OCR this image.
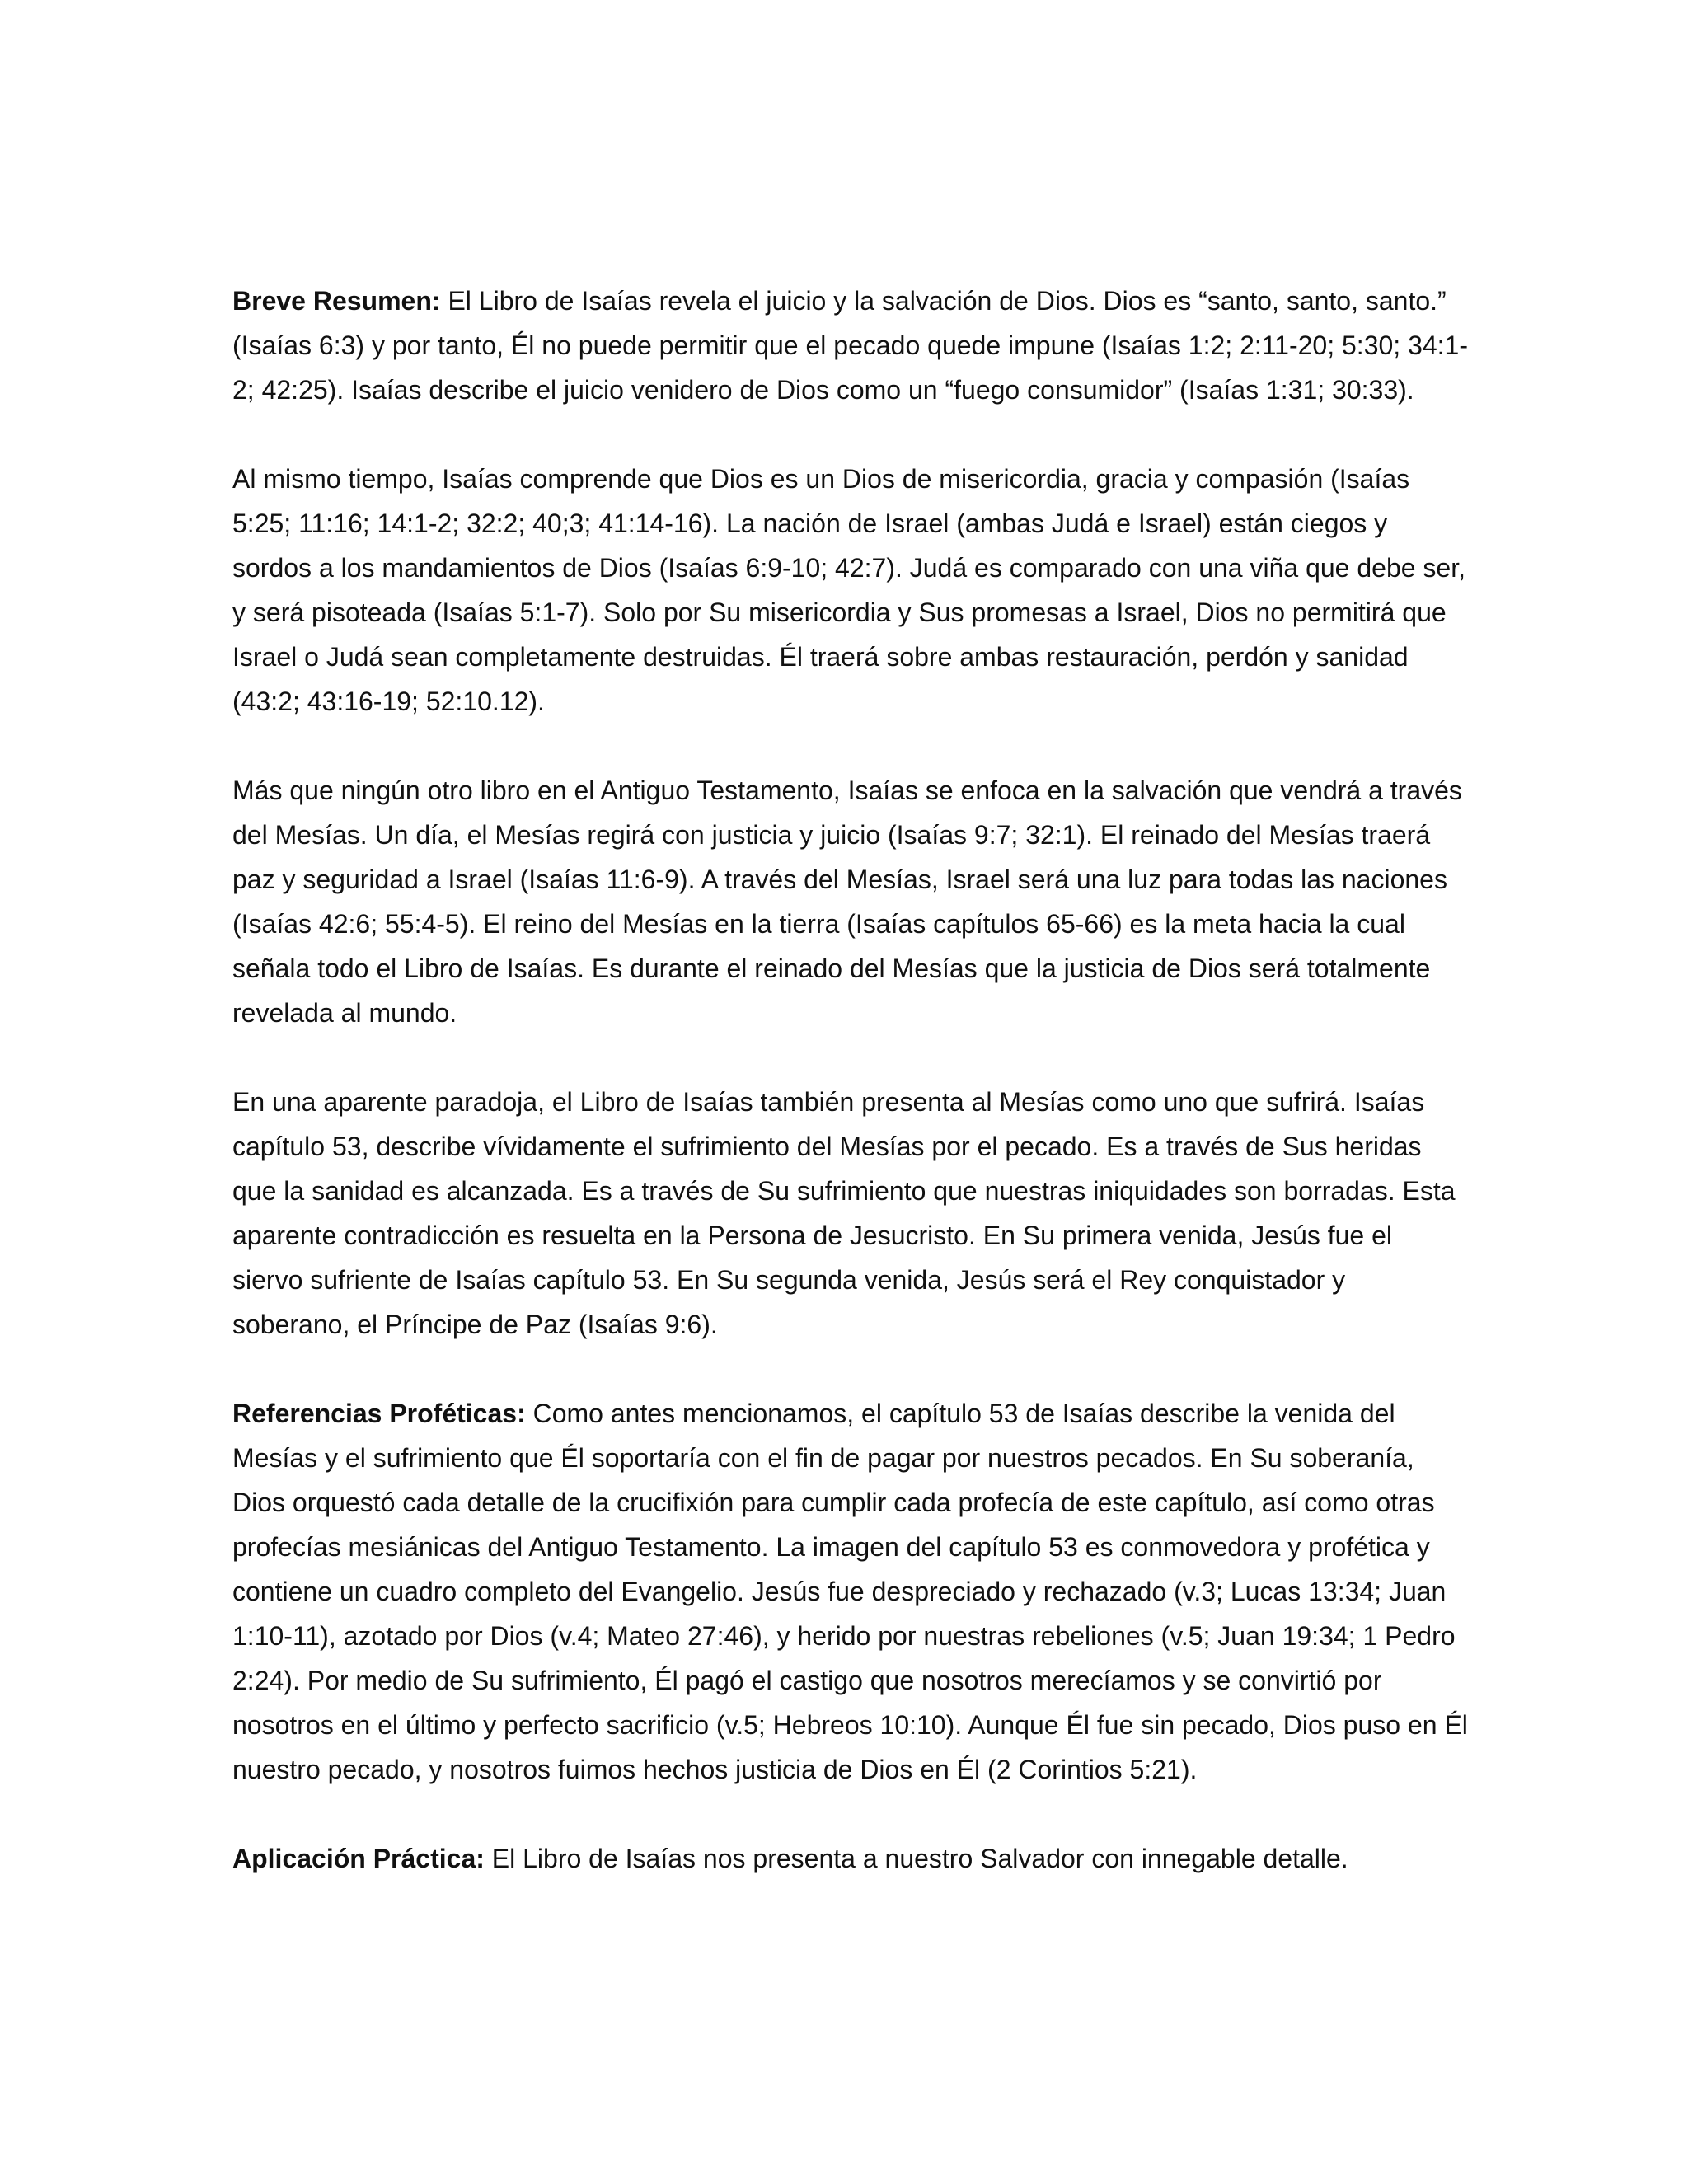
Breve Resumen: El Libro de Isaías revela el juicio y la salvación de Dios. Dios es “santo, santo, santo.” (Isaías 6:3) y por tanto, Él no puede permitir que el pecado quede impune (Isaías 1:2; 2:11-20; 5:30; 34:1-2; 42:25). Isaías describe el juicio venidero de Dios como un “fuego consumidor” (Isaías 1:31; 30:33).

Al mismo tiempo, Isaías comprende que Dios es un Dios de misericordia, gracia y compasión (Isaías 5:25; 11:16; 14:1-2; 32:2; 40;3; 41:14-16). La nación de Israel (ambas Judá e Israel) están ciegos y sordos a los mandamientos de Dios (Isaías 6:9-10; 42:7). Judá es comparado con una viña que debe ser, y será pisoteada (Isaías 5:1-7). Solo por Su misericordia y Sus promesas a Israel, Dios no permitirá que Israel o Judá sean completamente destruidas. Él traerá sobre ambas restauración, perdón y sanidad (43:2; 43:16-19; 52:10.12).

Más que ningún otro libro en el Antiguo Testamento, Isaías se enfoca en la salvación que vendrá a través del Mesías. Un día, el Mesías regirá con justicia y juicio (Isaías 9:7; 32:1). El reinado del Mesías traerá paz y seguridad a Israel (Isaías 11:6-9). A través del Mesías, Israel será una luz para todas las naciones (Isaías 42:6; 55:4-5). El reino del Mesías en la tierra (Isaías capítulos 65-66) es la meta hacia la cual señala todo el Libro de Isaías. Es durante el reinado del Mesías que la justicia de Dios será totalmente revelada al mundo.

En una aparente paradoja, el Libro de Isaías también presenta al Mesías como uno que sufrirá. Isaías capítulo 53, describe vívidamente el sufrimiento del Mesías por el pecado. Es a través de Sus heridas que la sanidad es alcanzada. Es a través de Su sufrimiento que nuestras iniquidades son borradas. Esta aparente contradicción es resuelta en la Persona de Jesucristo. En Su primera venida, Jesús fue el siervo sufriente de Isaías capítulo 53. En Su segunda venida, Jesús será el Rey conquistador y soberano, el Príncipe de Paz (Isaías 9:6).

Referencias Proféticas: Como antes mencionamos, el capítulo 53 de Isaías describe la venida del Mesías y el sufrimiento que Él soportaría con el fin de pagar por nuestros pecados. En Su soberanía, Dios orquestó cada detalle de la crucifixión para cumplir cada profecía de este capítulo, así como otras profecías mesiánicas del Antiguo Testamento. La imagen del capítulo 53 es conmovedora y profética y contiene un cuadro completo del Evangelio. Jesús fue despreciado y rechazado (v.3; Lucas 13:34; Juan 1:10-11), azotado por Dios (v.4; Mateo 27:46), y herido por nuestras rebeliones (v.5; Juan 19:34; 1 Pedro 2:24). Por medio de Su sufrimiento, Él pagó el castigo que nosotros merecíamos y se convirtió por nosotros en el último y perfecto sacrificio (v.5; Hebreos 10:10). Aunque Él fue sin pecado, Dios puso en Él nuestro pecado, y nosotros fuimos hechos justicia de Dios en Él (2 Corintios 5:21).

Aplicación Práctica: El Libro de Isaías nos presenta a nuestro Salvador con innegable detalle.
